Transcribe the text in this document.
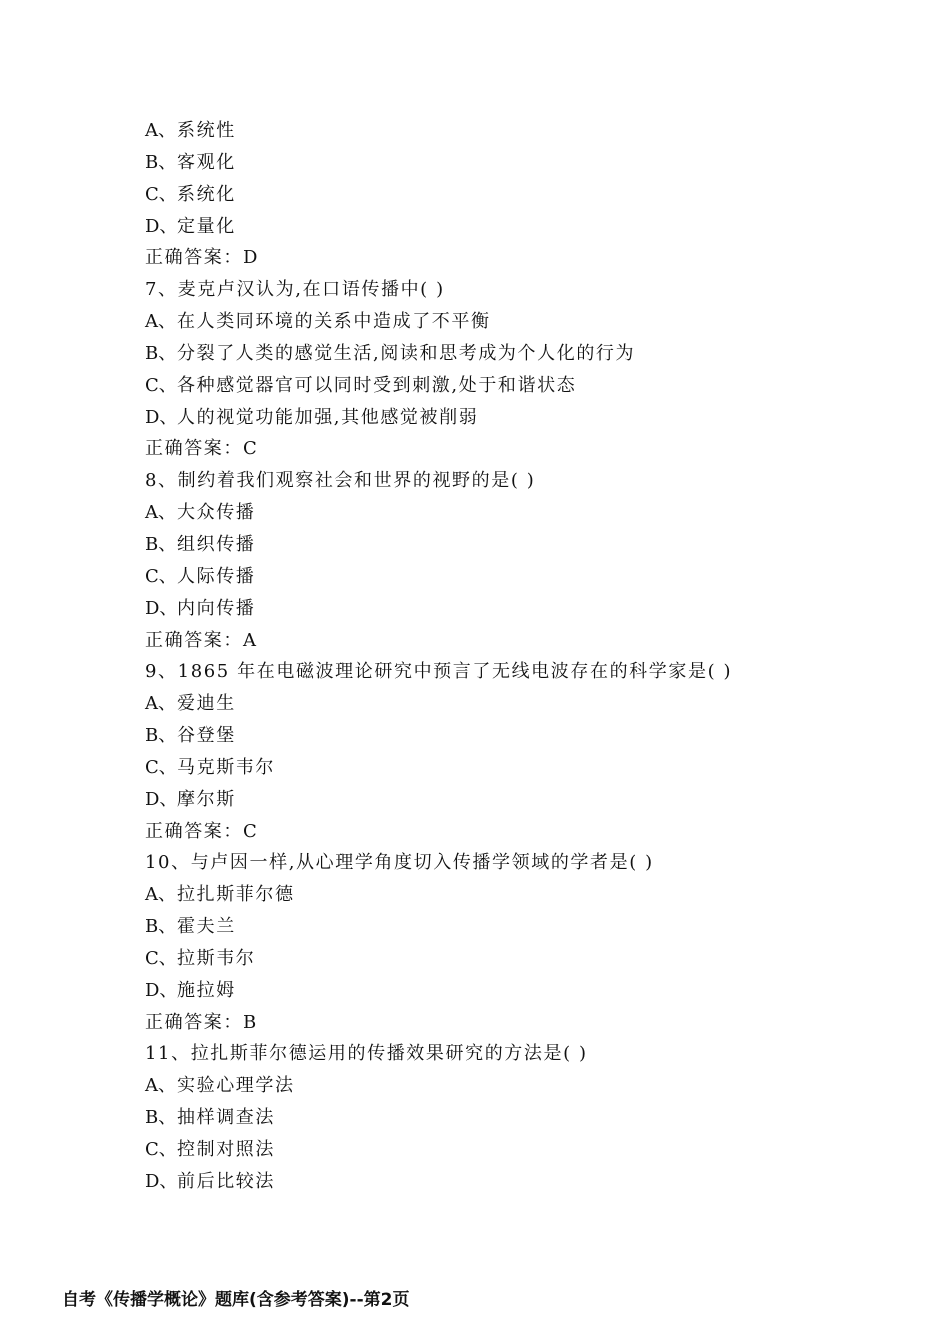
A、系统性
B、客观化
C、系统化
D、定量化
正确答案：D
7、麦克卢汉认为,在口语传播中( )
A、在人类同环境的关系中造成了不平衡
B、分裂了人类的感觉生活,阅读和思考成为个人化的行为
C、各种感觉器官可以同时受到刺激,处于和谐状态
D、人的视觉功能加强,其他感觉被削弱
正确答案：C
8、制约着我们观察社会和世界的视野的是( )
A、大众传播
B、组织传播
C、人际传播
D、内向传播
正确答案：A
9、1865 年在电磁波理论研究中预言了无线电波存在的科学家是( )
A、爱迪生
B、谷登堡
C、马克斯韦尔
D、摩尔斯
正确答案：C
10、与卢因一样,从心理学角度切入传播学领域的学者是( )
A、拉扎斯菲尔德
B、霍夫兰
C、拉斯韦尔
D、施拉姆
正确答案：B
11、拉扎斯菲尔德运用的传播效果研究的方法是( )
A、实验心理学法
B、抽样调查法
C、控制对照法
D、前后比较法
自考《传播学概论》题库(含参考答案)--第2页
